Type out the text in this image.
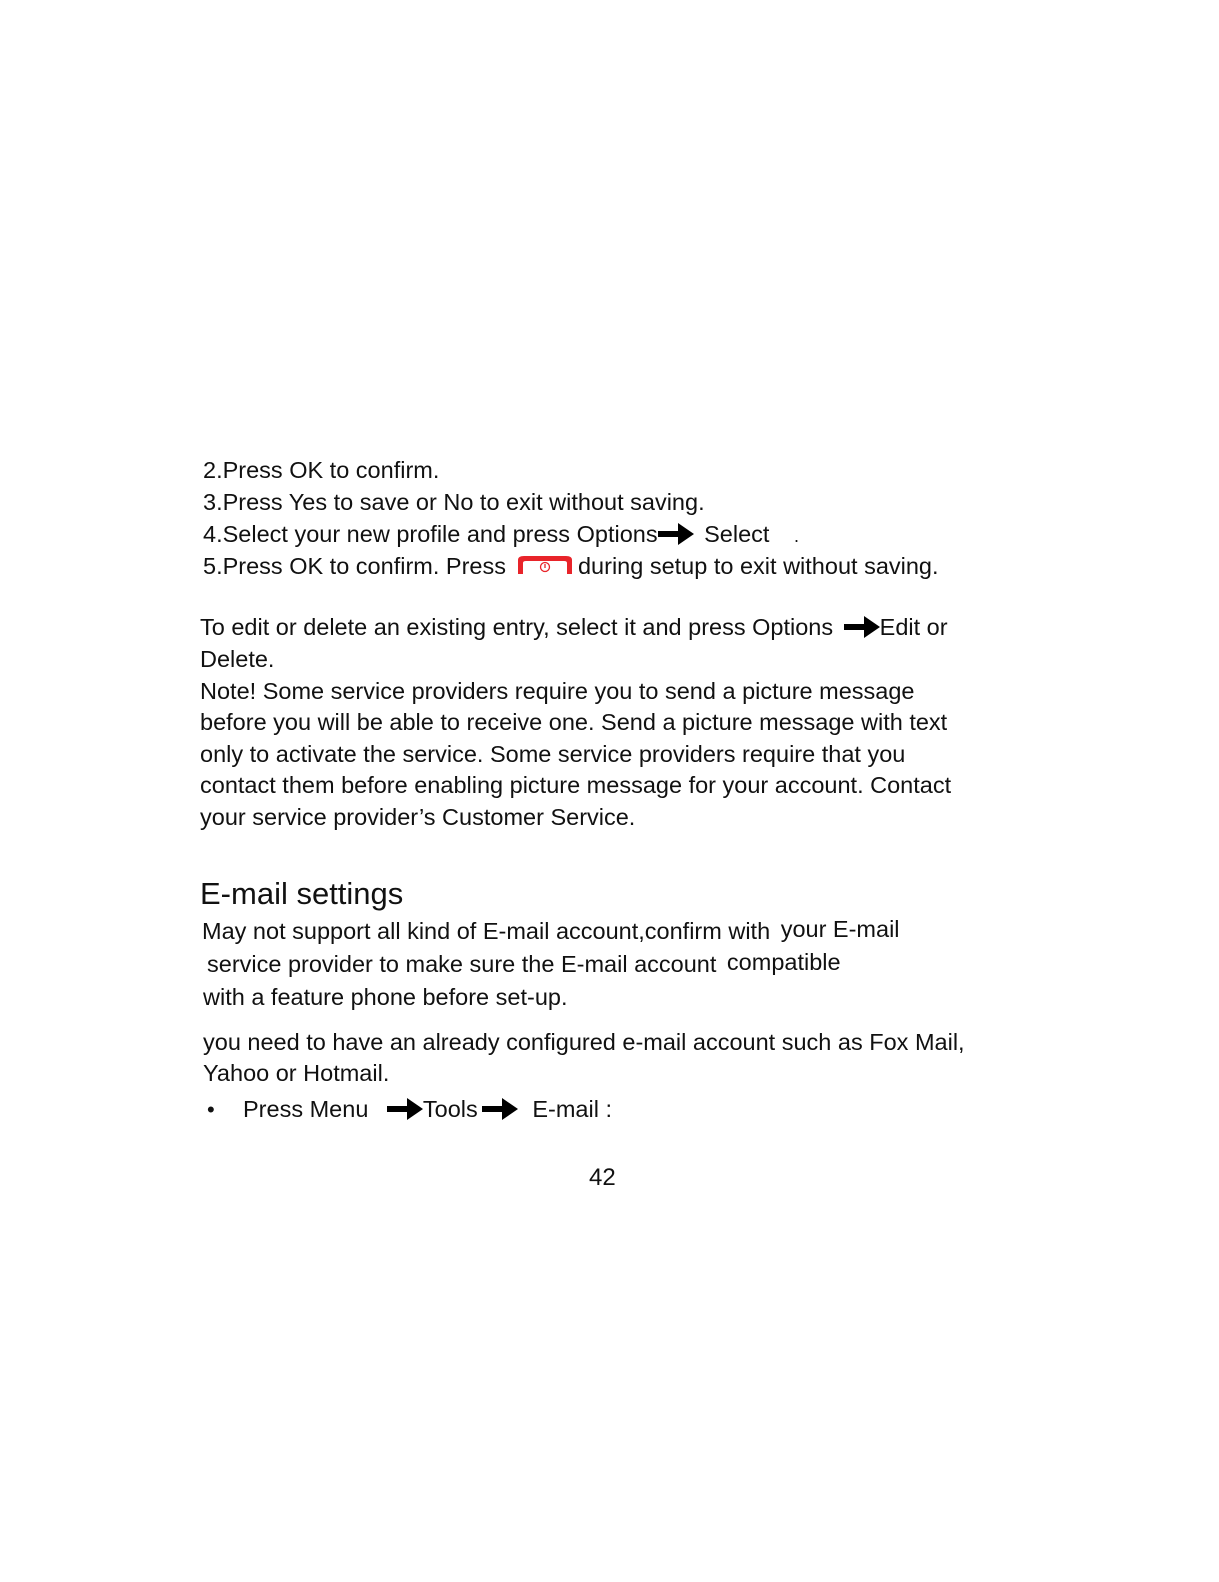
2.Press OK to confirm.
3.Press Yes to save or No to exit without saving.
4.Select your new profile and press Options Select .
5.Press OK to confirm. Press	during setup to exit without saving.
To edit or delete an existing entry, select it and press Options Edit or
Delete.
Note! Some service providers require you to send a picture message
before you will be able to receive one. Send a picture message with text
only to activate the service. Some service providers require that you
contact them before enabling picture message for your account. Contact
your service provider’s Customer Service.
E-mail settings
May not support all kind of E-mail account,confirm with your E-mail
service provider to make sure the E-mail account compatible
with a feature phone before set-up.
you need to have an already configured e-mail account such as Fox Mail,
Yahoo or Hotmail.
• Press Menu Tools E-mail :
42
